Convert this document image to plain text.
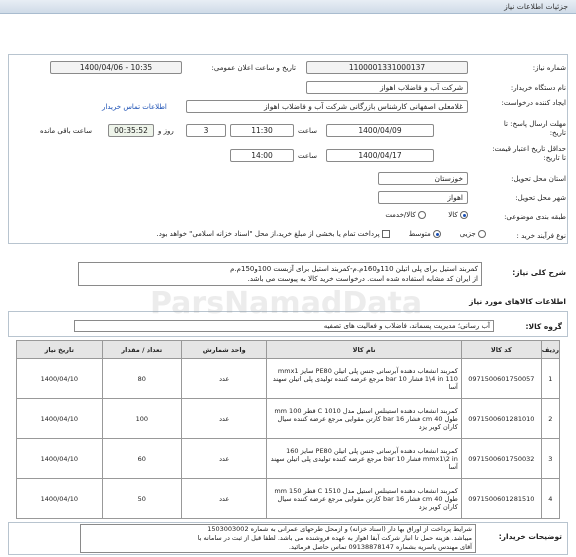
جزئیات اطلاعات نیاز
شماره نیاز:
1100001331000137
تاریخ و ساعت اعلان عمومی:
1400/04/06 - 10:35
نام دستگاه خریدار:
شرکت آب و فاضلاب اهواز
ایجاد کننده درخواست:
غلامعلی اصفهانی کارشناس بازرگانی شرکت آب و فاضلاب اهواز
اطلاعات تماس خریدار
مهلت ارسال پاسخ: تا تاریخ:
1400/04/09
ساعت
11:30
3
روز و
00:35:52
ساعت باقی مانده
حداقل تاریخ اعتبار قیمت: تا تاریخ:
1400/04/17
ساعت
14:00
استان محل تحویل:
خوزستان
شهر محل تحویل:
اهواز
طبقه بندی موضوعی:
کالا
کالا/خدمت
نوع فرآیند خرید :
جزیی
متوسط
پرداخت تمام یا بخشی از مبلغ خرید،از محل "اسناد خزانه اسلامی" خواهد بود.
شرح کلی نیاز:
کمربند استیل برای پلی اتیلن 110و160م.م-کمربند استیل برای آزبست 100و150م.م
از ایران کد مشابه استفاده شده است. درخواست خرید کالا به پیوست می باشد.
اطلاعات کالاهای مورد نیاز
گروه کالا:
آب رسانی؛ مدیریت پسماند، فاضلاب و فعالیت های تصفیه
ردیف	کد کالا	نام کالا	واحد شمارش	تعداد / مقدار	تاریخ نیاز
1	0971500601750057	کمربند انشعاب دهنده آبرسانی جنس پلی اتیلن PE80 سایز mmx1 1\4 in 110 فشار bar 10 مرجع عرضه کننده تولیدی پلی اتیلن سهند آسا	عدد	80	1400/04/10
2	0971500601281010	کمربند انشعاب دهنده استینلس استیل مدل C 1010 قطر mm 100 طول cm 40 فشار bar 16 کارتن مقوایی مرجع عرضه کننده سیال کاران کویر یزد	عدد	100	1400/04/10
3	0971500601750032	کمربند انشعاب دهنده آبرسانی جنس پلی اتیلن PE80 سایز 160 mmx1\2 in فشار bar 10 مرجع عرضه کننده تولیدی پلی اتیلن سهند آسا	عدد	60	1400/04/10
4	0971500601281510	کمربند انشعاب دهنده استینلس استیل مدل C 1510 قطر mm 150 طول cm 40 فشار bar 16 کارتن مقوایی مرجع عرضه کننده سیال کاران کویر یزد	عدد	50	1400/04/10
توضیحات خریدار:
شرایط پرداخت از اوراق بها دار (اسناد خزانه) و ازمحل طرحهای عمرانی به شماره 1503003002
میباشد. هزینه حمل تا انبار شرکت آبفا اهواز به عهده فروشنده می باشد. لطفا قبل از ثبت در سامانه با
آقای مهندس یاسریه بشماره 09138878147 تماس حاصل فرمائید.
ParsNamadData
